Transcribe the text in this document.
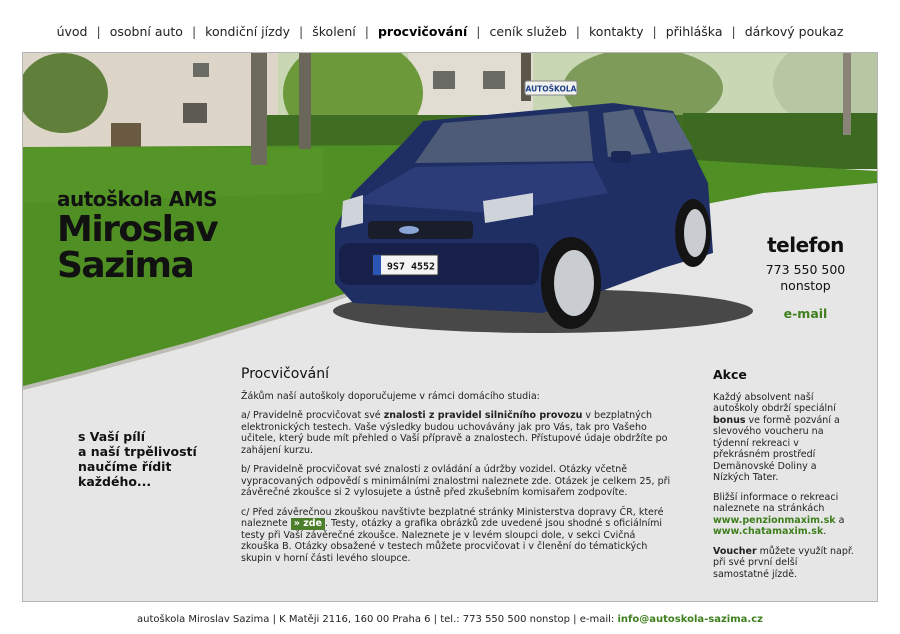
úvod | osobní auto | kondiční jízdy | školení | procvičování | ceník služeb | kontakty | přihláška | dárkový poukaz
AUTOŠKOLA
9S7 4552
autoškola AMS
Miroslav
Sazima	telefon
773 550 500
nonstop
e-mail
s Vaší pílí
a naší trpělivostí
naučíme řídit
každého...
Procvičování

Žákům naší autoškoly doporučujeme v rámci domácího studia:

a/ Pravidelně procvičovat své znalosti z pravidel silničního provozu v bezplatných elektronických testech. Vaše výsledky budou uchovávány jak pro Vás, tak pro Vašeho učitele, který bude mít přehled o Vaší přípravě a znalostech. Přístupové údaje obdržíte po zahájení kurzu.

b/ Pravidelně procvičovat své znalosti z ovládání a údržby vozidel. Otázky včetně vypracovaných odpovědí s minimálními znalostmi naleznete zde. Otázek je celkem 25, při závěrečné zkoušce si 2 vylosujete a ústně před zkušebním komisařem zodpovíte.

c/ Před závěrečnou zkouškou navštivte bezplatné stránky Ministerstva dopravy ČR, které naleznete » zde . Testy, otázky a grafika obrázků zde uvedené jsou shodné s oficiálními testy při Vaší závěrečné zkoušce. Naleznete je v levém sloupci dole, v sekci Cvičná zkouška B. Otázky obsažené v testech můžete procvičovat i v členění do tématických skupin v horní části levého sloupce.

Akce

Každý absolvent naší autoškoly obdrží speciální bonus ve formě pozvání a slevového voucheru na týdenní rekreaci v překrásném prostředí Demänovské Doliny a Nízkých Tater.

Bližší informace o rekreaci naleznete na stránkách www.penzionmaxim.sk a www.chatamaxim.sk.

Voucher můžete využít např. při své první delší samostatné jízdě.

autoškola Miroslav Sazima | K Matěji 2116, 160 00 Praha 6 | tel.: 773 550 500 nonstop | e-mail: info@autoskola-sazima.cz
